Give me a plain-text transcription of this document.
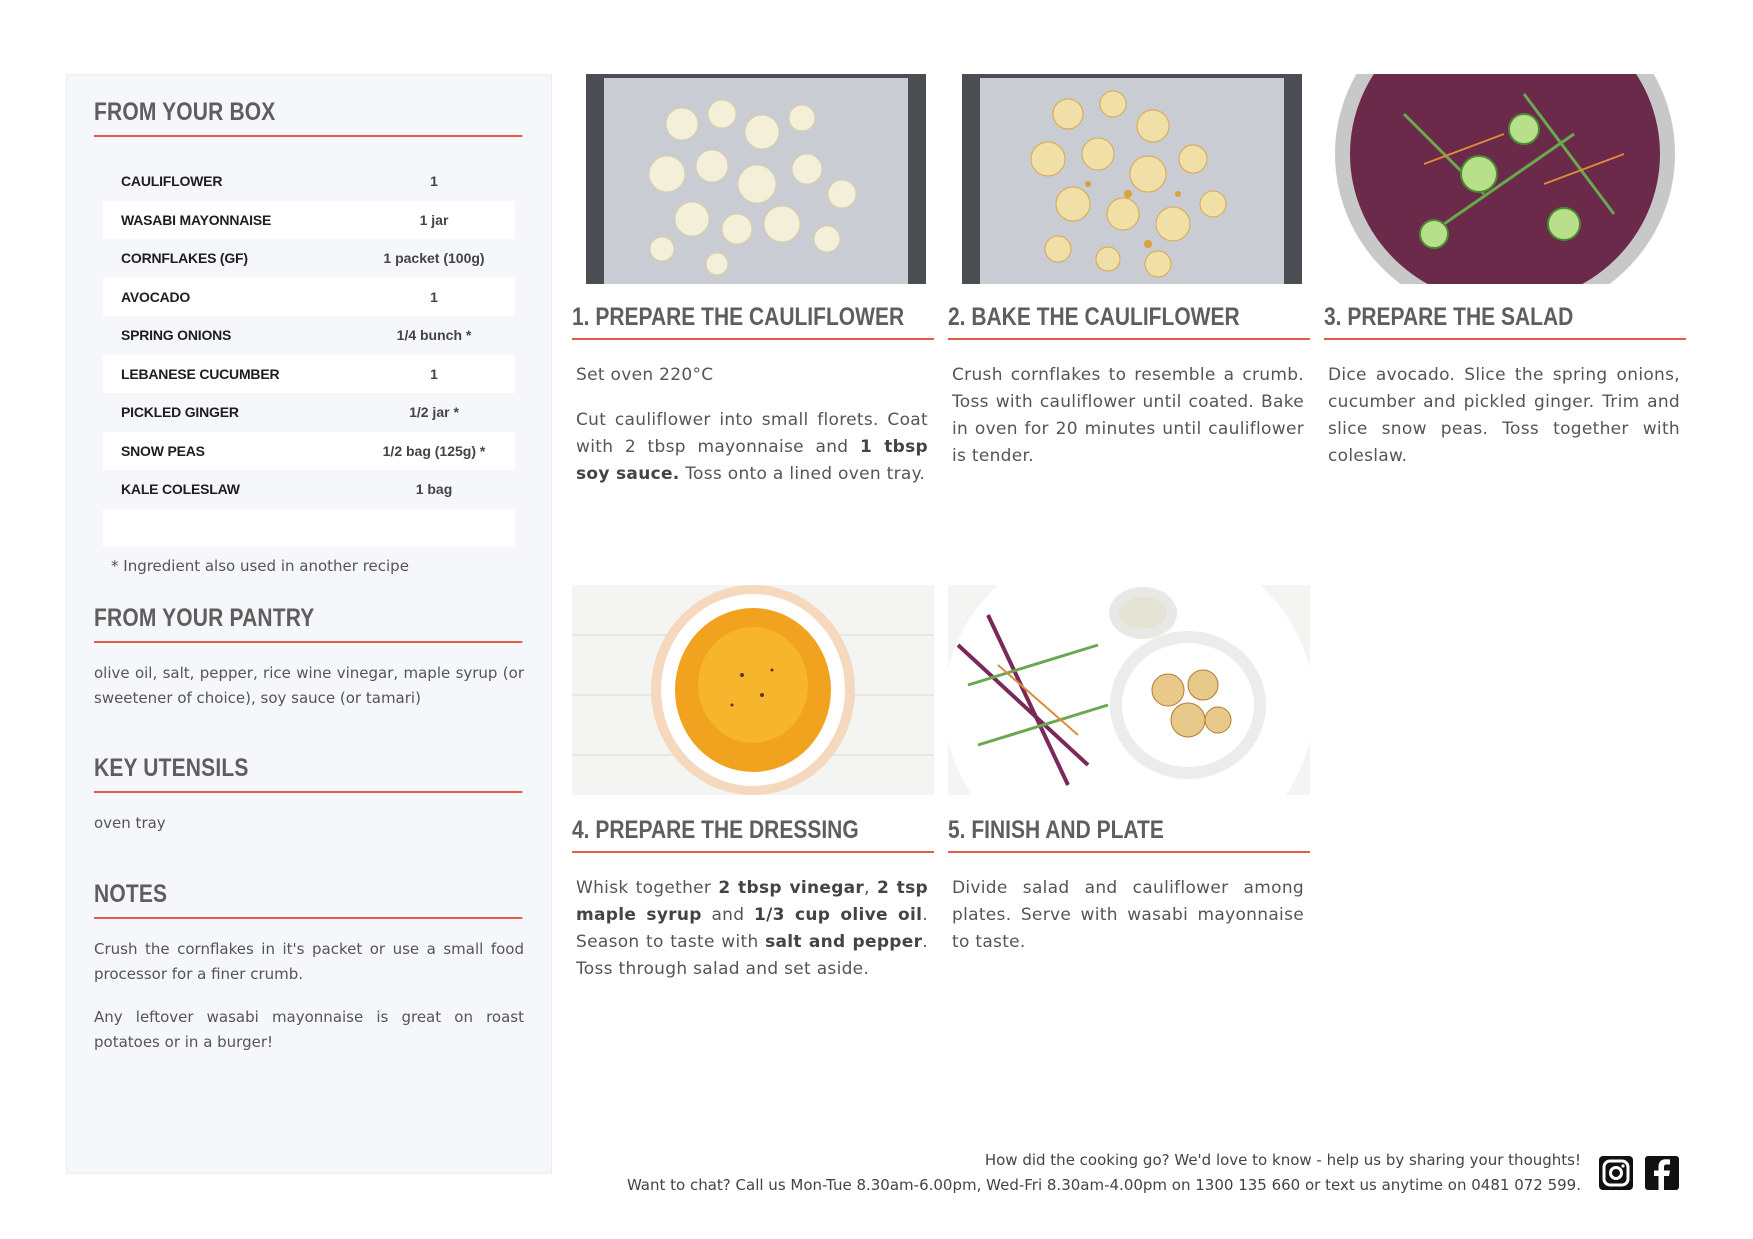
FROM YOUR BOX
CAULIFLOWER	1
WASABI MAYONNAISE	1 jar
CORNFLAKES (GF)	1 packet (100g)
AVOCADO	1
SPRING ONIONS	1/4 bunch *
LEBANESE CUCUMBER	1
PICKLED GINGER	1/2 jar *
SNOW PEAS	1/2 bag (125g) *
KALE COLESLAW	1 bag
* Ingredient also used in another recipe
FROM YOUR PANTRY
olive oil, salt, pepper, rice wine vinegar, maple syrup (or sweetener of choice), soy sauce (or tamari)
KEY UTENSILS
oven tray
NOTES
Crush the cornflakes in it's packet or use a small food processor for a finer crumb.
Any leftover wasabi mayonnaise is great on roast potatoes or in a burger!
1. PREPARE THE CAULIFLOWER

Set oven 220°C

Cut cauliflower into small florets. Coat with 2 tbsp mayonnaise and 1 tbsp soy sauce. Toss onto a lined oven tray.

2. BAKE THE CAULIFLOWER

Crush cornflakes to resemble a crumb. Toss with cauliflower until coated. Bake in oven for 20 minutes until cauliflower is tender.

3. PREPARE THE SALAD

Dice avocado. Slice the spring onions, cucumber and pickled ginger. Trim and slice snow peas. Toss together with coleslaw.

4. PREPARE THE DRESSING

Whisk together 2 tbsp vinegar, 2 tsp maple syrup and 1/3 cup olive oil. Season to taste with salt and pepper. Toss through salad and set aside.

5. FINISH AND PLATE

Divide salad and cauliflower among plates. Serve with wasabi mayonnaise to taste.

How did the cooking go? We'd love to know - help us by sharing your thoughts!
Want to chat? Call us Mon-Tue 8.30am-6.00pm, Wed-Fri 8.30am-4.00pm on 1300 135 660 or text us anytime on 0481 072 599.
